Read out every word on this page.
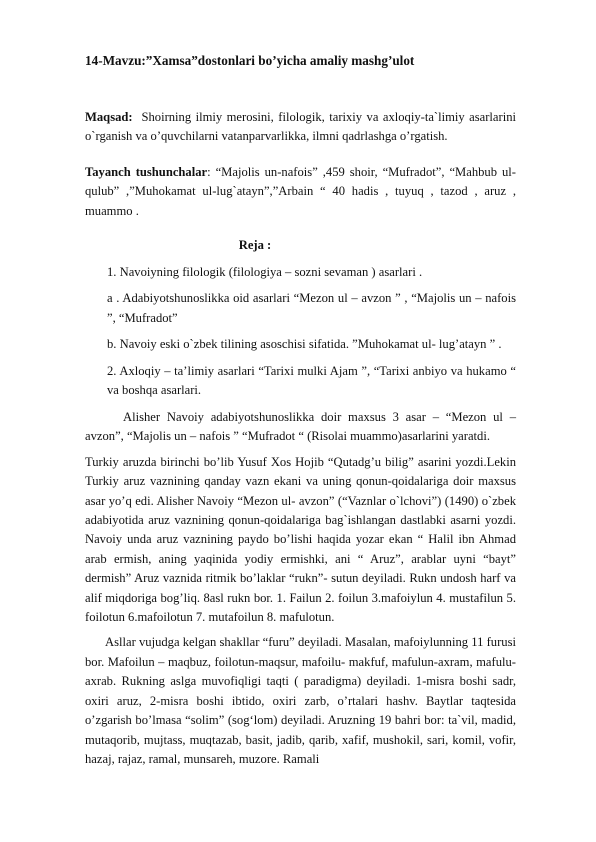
14-Mavzu:”Xamsa”dostonlari bo’yicha amaliy mashg’ulot

Maqsad: Shoirning ilmiy merosini, filologik, tarixiy va axloqiy-ta`limiy asarlarini o`rganish va o’quvchilarni vatanparvarlikka, ilmni qadrlashga o’rgatish.

Tayanch tushunchalar: “Majolis un-nafois” ,459 shoir, “Mufradot”, “Mahbub ul-qulub” ,”Muhokamat ul-lug`atayn”,”Arbain “ 40 hadis , tuyuq , tazod , aruz , muammo .

Reja :

1. Navoiyning filologik (filologiya – sozni sevaman ) asarlari .

a . Adabiyotshunoslikka oid asarlari “Mezon ul – avzon ” , “Majolis un – nafois ”, “Mufradot”

b. Navoiy eski o`zbek tilining asoschisi sifatida. ”Muhokamat ul- lug’atayn ” .

2. Axloqiy – ta’limiy asarlari “Tarixi mulki Ajam ”, “Tarixi anbiyo va hukamo “ va boshqa asarlari.

Alisher Navoiy adabiyotshunoslikka doir maxsus 3 asar – “Mezon ul – avzon”, “Majolis un – nafois ” “Mufradot “ (Risolai muammo)asarlarini yaratdi.

Turkiy aruzda birinchi bo’lib Yusuf Xos Hojib “Qutadg’u bilig” asarini yozdi.Lekin Turkiy aruz vaznining qanday vazn ekani va uning qonun-qoidalariga doir maxsus asar yo’q edi. Alisher Navoiy “Mezon ul- avzon” (“Vaznlar o`lchovi”) (1490) o`zbek adabiyotida aruz vaznining qonun-qoidalariga bag`ishlangan dastlabki asarni yozdi. Navoiy unda aruz vaznining paydo bo’lishi haqida yozar ekan “ Halil ibn Ahmad arab ermish, aning yaqinida yodiy ermishki, ani “ Aruz”, arablar uyni “bayt” dermish” Aruz vaznida ritmik bo’laklar “rukn”- sutun deyiladi. Rukn undosh harf va alif miqdoriga bog’liq. 8asl rukn bor. 1. Failun 2. foilun 3.mafoiylun 4. mustafilun 5. foilotun 6.mafoilotun 7. mutafoilun 8. mafulotun.

Asllar vujudga kelgan shakllar “furu” deyiladi. Masalan, mafoiylunning 11 furusi bor. Mafoilun – maqbuz, foilotun-maqsur, mafoilu- makfuf, mafulun-axram, mafulu- axrab. Rukning aslga muvofiqligi taqti ( paradigma) deyiladi. 1-misra boshi sadr, oxiri aruz, 2-misra boshi ibtido, oxiri zarb, o’rtalari hashv. Baytlar taqtesida o’zgarish bo’lmasa “solim” (sog‘lom) deyiladi. Aruzning 19 bahri bor: ta`vil, madid, mutaqorib, mujtass, muqtazab, basit, jadib, qarib, xafif, mushokil, sari, komil, vofir, hazaj, rajaz, ramal, munsareh, muzore. Ramali
